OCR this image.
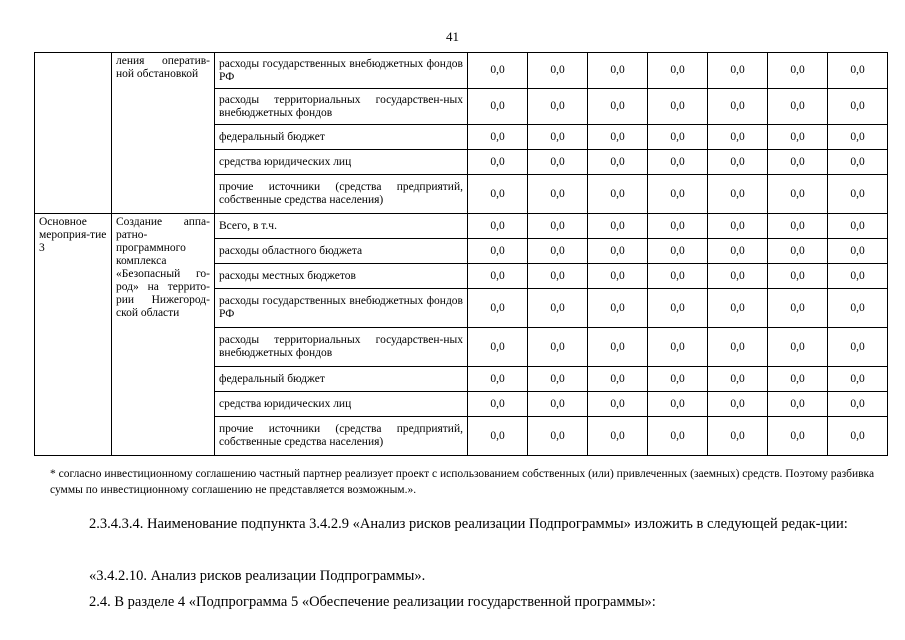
41
	ления оператив-ной обстановкой	расходы государственных внебюджетных фондов РФ	0,0	0,0	0,0	0,0	0,0	0,0	0,0
		расходы территориальных государствен-ных внебюджетных фондов	0,0	0,0	0,0	0,0	0,0	0,0	0,0
		федеральный бюджет	0,0	0,0	0,0	0,0	0,0	0,0	0,0
		средства юридических лиц	0,0	0,0	0,0	0,0	0,0	0,0	0,0
		прочие источники (средства предприятий, собственные средства населения)	0,0	0,0	0,0	0,0	0,0	0,0	0,0
Основное мероприя-тие 3	Создание аппа-ратно-программного комплекса «Безопасный го-род» на террито-рии Нижегород-ской области	Всего, в т.ч.	0,0	0,0	0,0	0,0	0,0	0,0	0,0
		расходы областного бюджета	0,0	0,0	0,0	0,0	0,0	0,0	0,0
		расходы местных бюджетов	0,0	0,0	0,0	0,0	0,0	0,0	0,0
		расходы государственных внебюджетных фондов РФ	0,0	0,0	0,0	0,0	0,0	0,0	0,0
		расходы территориальных государствен-ных внебюджетных фондов	0,0	0,0	0,0	0,0	0,0	0,0	0,0
		федеральный бюджет	0,0	0,0	0,0	0,0	0,0	0,0	0,0
		средства юридических лиц	0,0	0,0	0,0	0,0	0,0	0,0	0,0
		прочие источники (средства предприятий, собственные средства населения)	0,0	0,0	0,0	0,0	0,0	0,0	0,0
* согласно инвестиционному соглашению частный партнер реализует проект с использованием собственных (или) привлеченных (заемных) средств. Поэтому разбивка суммы по инвестиционному соглашению не представляется возможным.».
2.3.4.3.4. Наименование подпункта 3.4.2.9 «Анализ рисков реализации Подпрограммы» изложить в следующей редак-ции:
«3.4.2.10. Анализ рисков реализации Подпрограммы».
2.4. В разделе 4 «Подпрограмма 5 «Обеспечение реализации государственной программы»:
